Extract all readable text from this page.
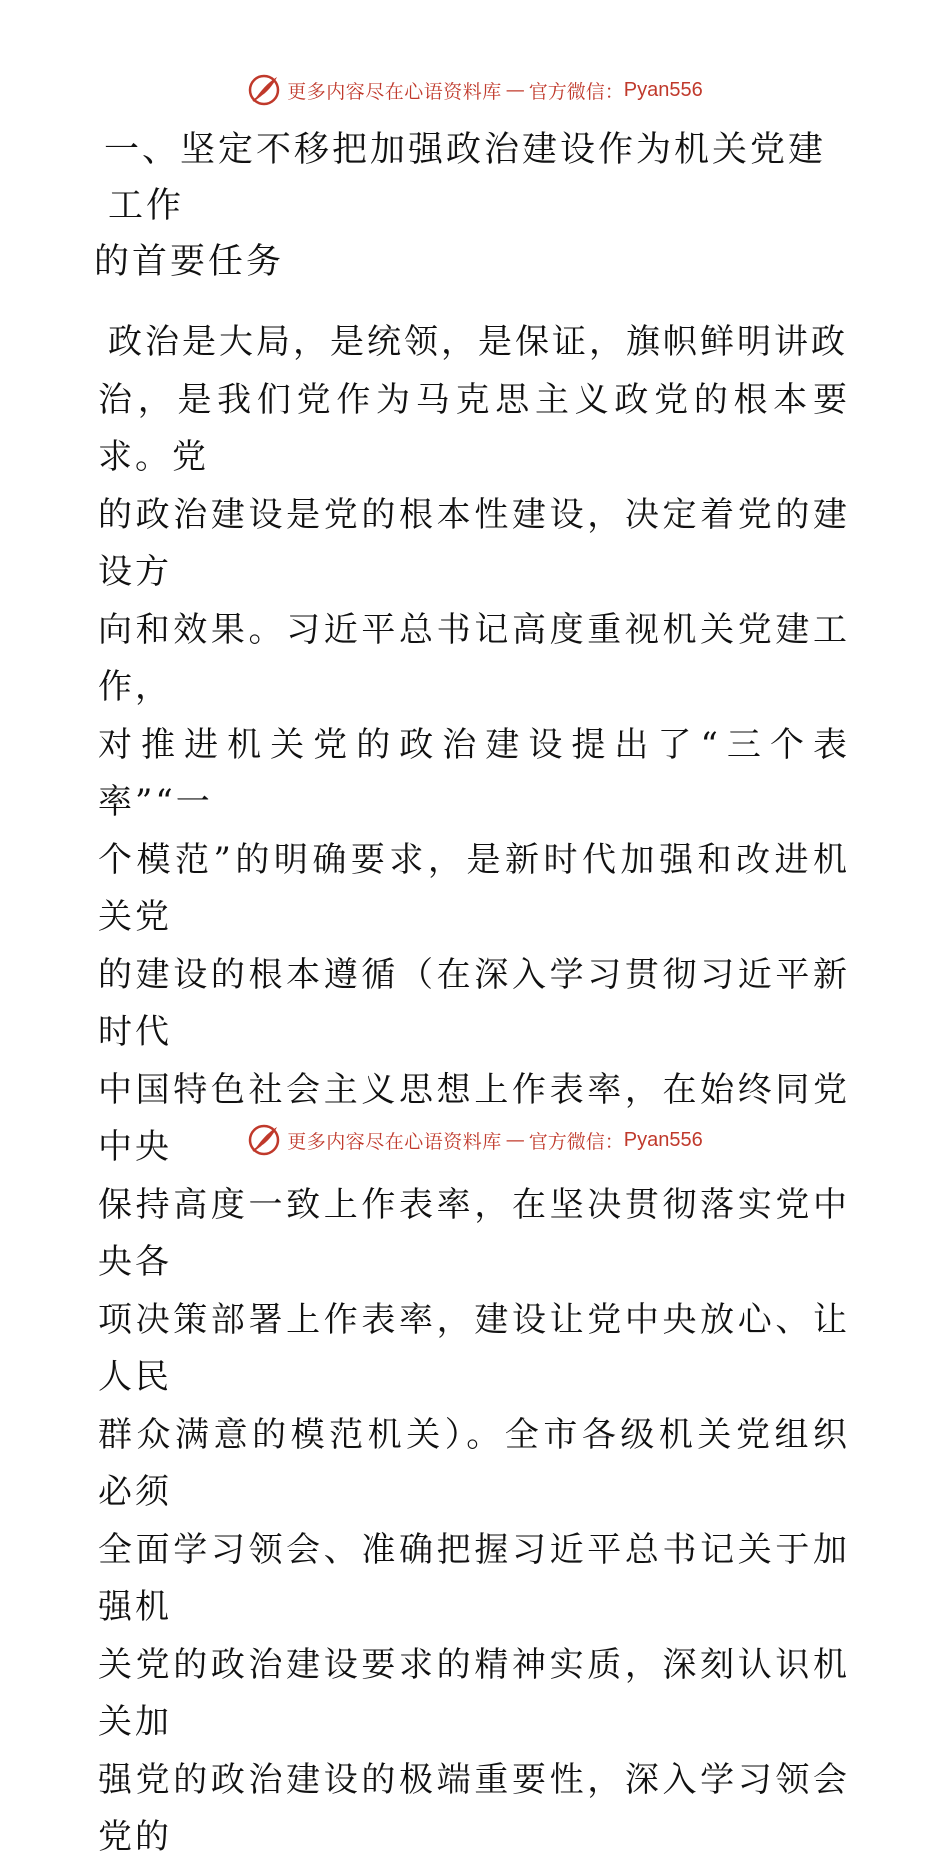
更多内容尽在心语资料库 — 官方微信： Pyan556
一、坚定不移把加强政治建设作为机关党建工作
的首要任务
政治是大局，是统领，是保证，旗帜鲜明讲政
治，是我们党作为马克思主义政党的根本要求。党
的政治建设是党的根本性建设，决定着党的建设方
向和效果。习近平总书记高度重视机关党建工作，
对推进机关党的政治建设提出了“三个表率”“一
个模范”的明确要求，是新时代加强和改进机关党
的建设的根本遵循（在深入学习贯彻习近平新时代
中国特色社会主义思想上作表率，在始终同党中央
保持高度一致上作表率，在坚决贯彻落实党中央各
项决策部署上作表率，建设让党中央放心、让人民
群众满意的模范机关）。全市各级机关党组织必须
全面学习领会、准确把握习近平总书记关于加强机
关党的政治建设要求的精神实质，深刻认识机关加
强党的政治建设的极端重要性，深入学习领会党的
更多内容尽在心语资料库 — 官方微信： Pyan556
